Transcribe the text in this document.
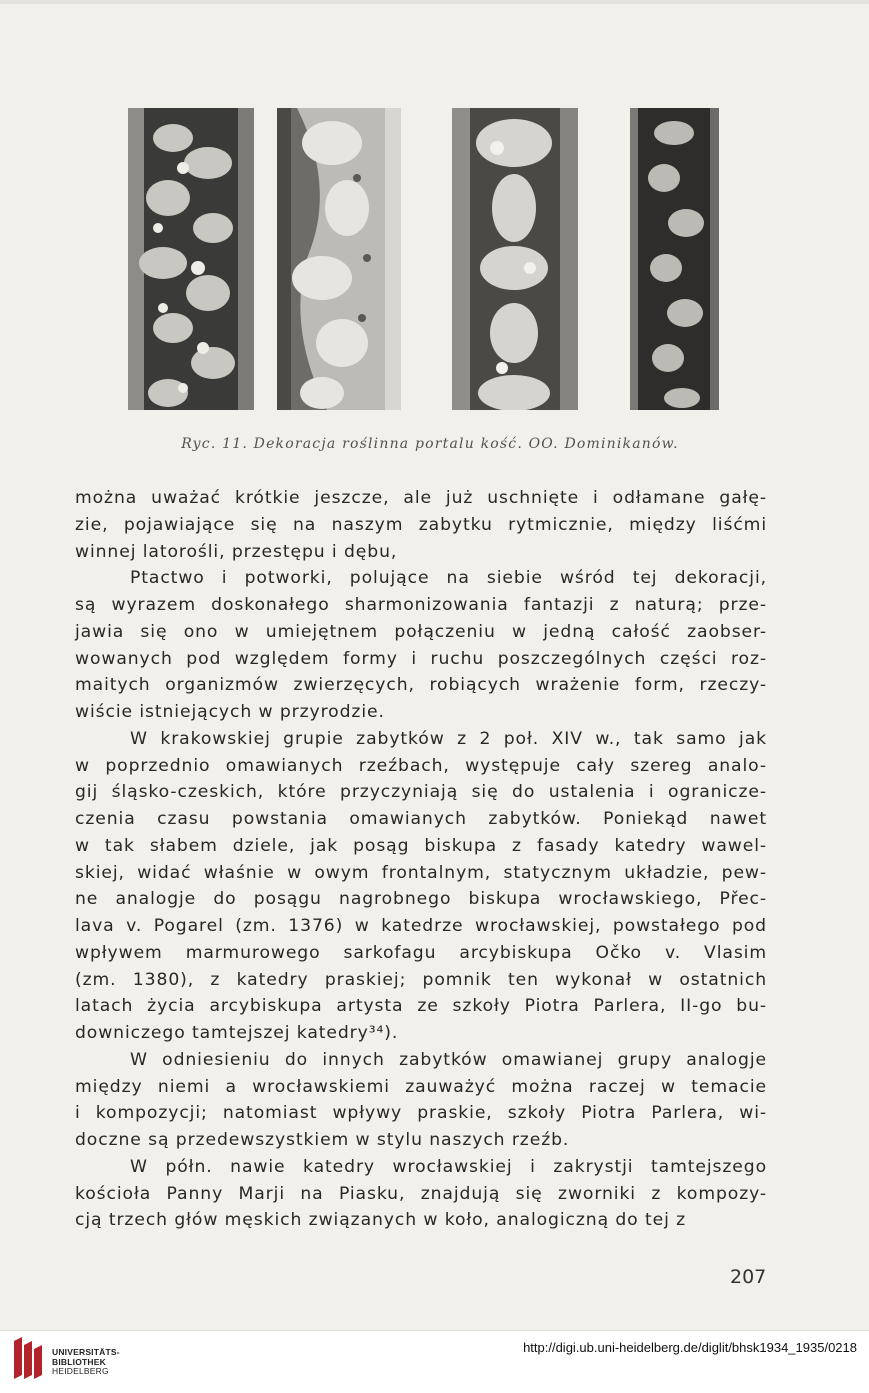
Ryc. 11. Dekoracja roślinna portalu kość. OO. Dominikanów.
można uważać krótkie jeszcze, ale już uschnięte i odłamane gałę-
zie, pojawiające się na naszym zabytku rytmicznie, między liśćmi
winnej latorośli, przestępu i dębu,
Ptactwo i potworki, polujące na siebie wśród tej dekoracji,
są wyrazem doskonałego sharmonizowania fantazji z naturą; prze-
jawia się ono w umiejętnem połączeniu w jedną całość zaobser-
wowanych pod względem formy i ruchu poszczególnych części roz-
maitych organizmów zwierzęcych, robiących wrażenie form, rzeczy-
wiście istniejących w przyrodzie.
W krakowskiej grupie zabytków z 2 poł. XIV w., tak samo jak
w poprzednio omawianych rzeźbach, występuje cały szereg analo-
gij śląsko-czeskich, które przyczyniają się do ustalenia i ogranicze-
czenia czasu powstania omawianych zabytków. Poniekąd nawet
w tak słabem dziele, jak posąg biskupa z fasady katedry wawel-
skiej, widać właśnie w owym frontalnym, statycznym układzie, pew-
ne analogje do posągu nagrobnego biskupa wrocławskiego, Přec-
lava v. Pogarel (zm. 1376) w katedrze wrocławskiej, powstałego pod
wpływem marmurowego sarkofagu arcybiskupa Očko v. Vlasim
(zm. 1380), z katedry praskiej; pomnik ten wykonał w ostatnich
latach życia arcybiskupa artysta ze szkoły Piotra Parlera, II-go bu-
downiczego tamtejszej katedry³⁴).
W odniesieniu do innych zabytków omawianej grupy analogje
między niemi a wrocławskiemi zauważyć można raczej w temacie
i kompozycji; natomiast wpływy praskie, szkoły Piotra Parlera, wi-
doczne są przedewszystkiem w stylu naszych rzeźb.
W półn. nawie katedry wrocławskiej i zakrystji tamtejszego
kościoła Panny Marji na Piasku, znajdują się zworniki z kompozy-
cją trzech głów męskich związanych w koło, analogiczną do tej z
207
UNIVERSITÄTS-
BIBLIOTHEK
HEIDELBERG
http://digi.ub.uni-heidelberg.de/diglit/bhsk1934_1935/0218
